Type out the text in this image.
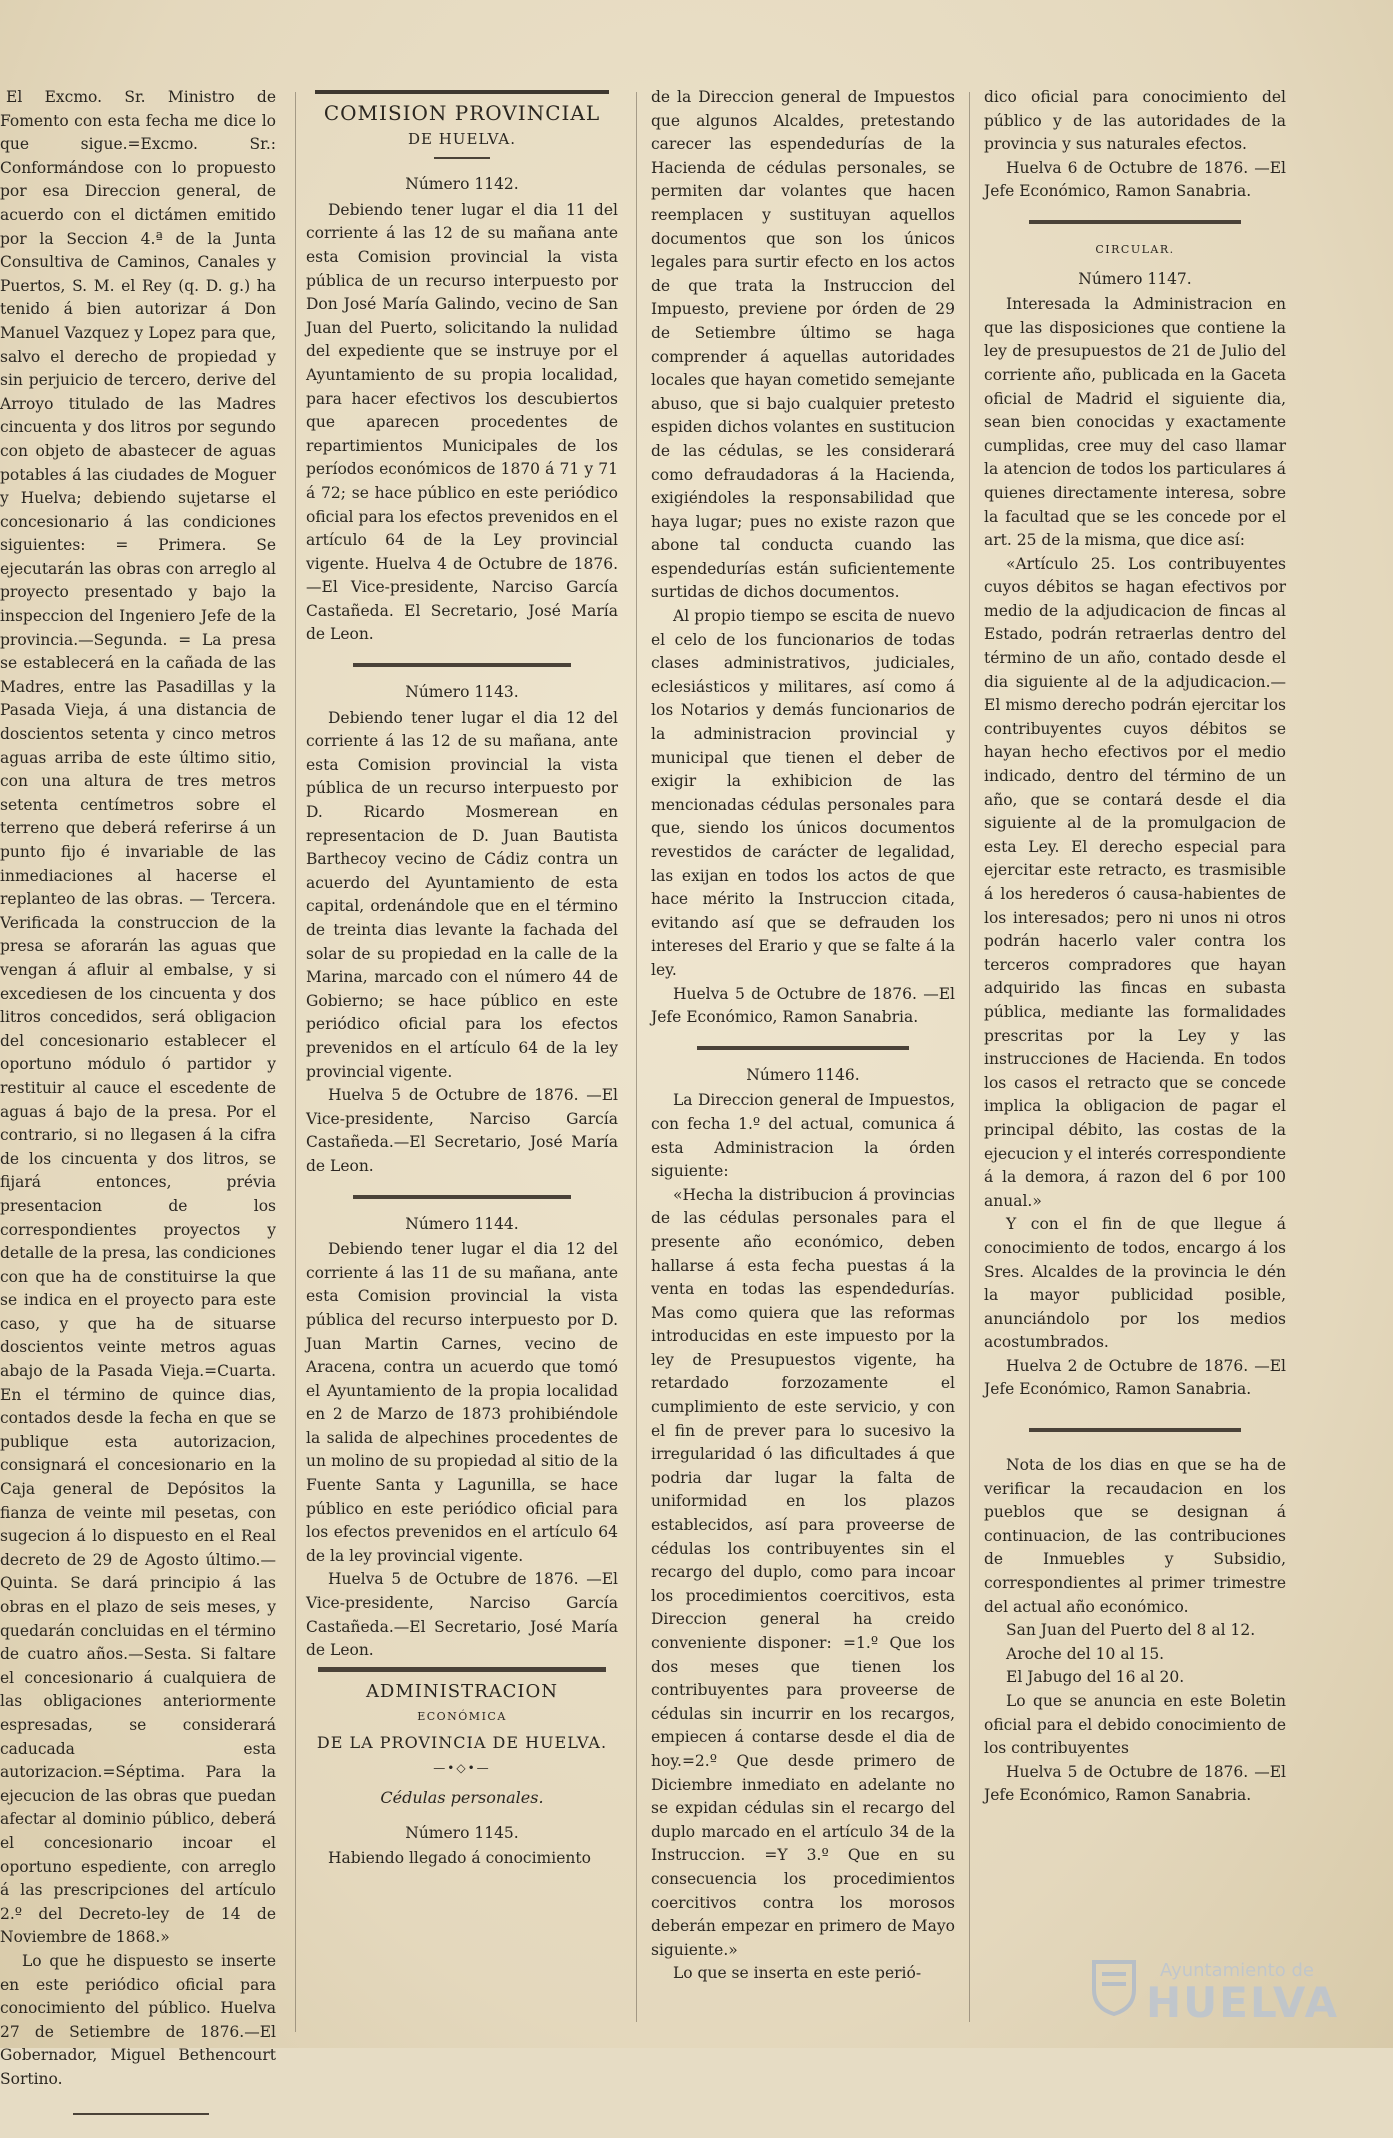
El Excmo. Sr. Ministro de Fomento con esta fecha me dice lo que sigue.=Excmo. Sr.: Conformándose con lo propuesto por esa Direccion general, de acuerdo con el dictámen emitido por la Seccion 4.ª de la Junta Consultiva de Caminos, Canales y Puertos, S. M. el Rey (q. D. g.) ha tenido á bien autorizar á Don Manuel Vazquez y Lopez para que, salvo el derecho de propiedad y sin perjuicio de tercero, derive del Arroyo titulado de las Madres cincuenta y dos litros por segundo con objeto de abastecer de aguas potables á las ciudades de Moguer y Huelva; debiendo sujetarse el concesionario á las condiciones siguientes: = Primera. Se ejecutarán las obras con arreglo al proyecto presentado y bajo la inspeccion del Ingeniero Jefe de la provincia.—Segunda. = La presa se establecerá en la cañada de las Madres, entre las Pasadillas y la Pasada Vieja, á una distancia de doscientos setenta y cinco metros aguas arriba de este último sitio, con una altura de tres metros setenta centímetros sobre el terreno que deberá referirse á un punto fijo é invariable de las inmediaciones al hacerse el replanteo de las obras. — Tercera. Verificada la construccion de la presa se aforarán las aguas que vengan á afluir al embalse, y si excediesen de los cincuenta y dos litros concedidos, será obligacion del concesionario establecer el oportuno módulo ó partidor y restituir al cauce el escedente de aguas á bajo de la presa. Por el contrario, si no llegasen á la cifra de los cincuenta y dos litros, se fijará entonces, prévia presentacion de los correspondientes proyectos y detalle de la presa, las condiciones con que ha de constituirse la que se indica en el proyecto para este caso, y que ha de situarse doscientos veinte metros aguas abajo de la Pasada Vieja.=Cuarta. En el término de quince dias, contados desde la fecha en que se publique esta autorizacion, consignará el concesionario en la Caja general de Depósitos la fianza de veinte mil pesetas, con sugecion á lo dispuesto en el Real decreto de 29 de Agosto último.—Quinta. Se dará principio á las obras en el plazo de seis meses, y quedarán concluidas en el término de cuatro años.—Sesta. Si faltare el concesionario á cualquiera de las obligaciones anteriormente espresadas, se considerará caducada esta autorizacion.=Séptima. Para la ejecucion de las obras que puedan afectar al dominio público, deberá el concesionario incoar el oportuno espediente, con arreglo á las prescripciones del artículo 2.º del Decreto-ley de 14 de Noviembre de 1868.»

Lo que he dispuesto se inserte en este periódico oficial para conocimiento del público. Huelva 27 de Setiembre de 1876.—El Gobernador, Miguel Bethencourt Sortino.

COMISION PROVINCIAL
DE HUELVA.
Número 1142.

Debiendo tener lugar el dia 11 del corriente á las 12 de su mañana ante esta Comision provincial la vista pública de un recurso interpuesto por Don José María Galindo, vecino de San Juan del Puerto, solicitando la nulidad del expediente que se instruye por el Ayuntamiento de su propia localidad, para hacer efectivos los descubiertos que aparecen procedentes de repartimientos Municipales de los períodos económicos de 1870 á 71 y 71 á 72; se hace público en este periódico oficial para los efectos prevenidos en el artículo 64 de la Ley provincial vigente. Huelva 4 de Octubre de 1876.—El Vice-presidente, Narciso García Castañeda. El Secretario, José María de Leon.

Número 1143.

Debiendo tener lugar el dia 12 del corriente á las 12 de su mañana, ante esta Comision provincial la vista pública de un recurso interpuesto por D. Ricardo Mosmerean en representacion de D. Juan Bautista Barthecoy vecino de Cádiz contra un acuerdo del Ayuntamiento de esta capital, ordenándole que en el término de treinta dias levante la fachada del solar de su propiedad en la calle de la Marina, marcado con el número 44 de Gobierno; se hace público en este periódico oficial para los efectos prevenidos en el artículo 64 de la ley provincial vigente.

Huelva 5 de Octubre de 1876. —El Vice-presidente, Narciso García Castañeda.—El Secretario, José María de Leon.

Número 1144.

Debiendo tener lugar el dia 12 del corriente á las 11 de su mañana, ante esta Comision provincial la vista pública del recurso interpuesto por D. Juan Martin Carnes, vecino de Aracena, contra un acuerdo que tomó el Ayuntamiento de la propia localidad en 2 de Marzo de 1873 prohibiéndole la salida de alpechines procedentes de un molino de su propiedad al sitio de la Fuente Santa y Lagunilla, se hace público en este periódico oficial para los efectos prevenidos en el artículo 64 de la ley provincial vigente.

Huelva 5 de Octubre de 1876. —El Vice-presidente, Narciso García Castañeda.—El Secretario, José María de Leon.

ADMINISTRACION
ECONÓMICA
DE LA PROVINCIA DE HUELVA.
—•◇•—
Cédulas personales.
Número 1145.

Habiendo llegado á conocimiento

de la Direccion general de Impuestos que algunos Alcaldes, pretestando carecer las espendedurías de la Hacienda de cédulas personales, se permiten dar volantes que hacen reemplacen y sustituyan aquellos documentos que son los únicos legales para surtir efecto en los actos de que trata la Instruccion del Impuesto, previene por órden de 29 de Setiembre último se haga comprender á aquellas autoridades locales que hayan cometido semejante abuso, que si bajo cualquier pretesto espiden dichos volantes en sustitucion de las cédulas, se les considerará como defraudadoras á la Hacienda, exigiéndoles la responsabilidad que haya lugar; pues no existe razon que abone tal conducta cuando las espendedurías están suficientemente surtidas de dichos documentos.

Al propio tiempo se escita de nuevo el celo de los funcionarios de todas clases administrativos, judiciales, eclesiásticos y militares, así como á los Notarios y demás funcionarios de la administracion provincial y municipal que tienen el deber de exigir la exhibicion de las mencionadas cédulas personales para que, siendo los únicos documentos revestidos de carácter de legalidad, las exijan en todos los actos de que hace mérito la Instruccion citada, evitando así que se defrauden los intereses del Erario y que se falte á la ley.

Huelva 5 de Octubre de 1876. —El Jefe Económico, Ramon Sanabria.

Número 1146.

La Direccion general de Impuestos, con fecha 1.º del actual, comunica á esta Administracion la órden siguiente:

«Hecha la distribucion á provincias de las cédulas personales para el presente año económico, deben hallarse á esta fecha puestas á la venta en todas las espendedurías. Mas como quiera que las reformas introducidas en este impuesto por la ley de Presupuestos vigente, ha retardado forzozamente el cumplimiento de este servicio, y con el fin de prever para lo sucesivo la irregularidad ó las dificultades á que podria dar lugar la falta de uniformidad en los plazos establecidos, así para proveerse de cédulas los contribuyentes sin el recargo del duplo, como para incoar los procedimientos coercitivos, esta Direccion general ha creido conveniente disponer: =1.º Que los dos meses que tienen los contribuyentes para proveerse de cédulas sin incurrir en los recargos, empiecen á contarse desde el dia de hoy.=2.º Que desde primero de Diciembre inmediato en adelante no se expidan cédulas sin el recargo del duplo marcado en el artículo 34 de la Instruccion. =Y 3.º Que en su consecuencia los procedimientos coercitivos contra los morosos deberán empezar en primero de Mayo siguiente.»

Lo que se inserta en este perió-

dico oficial para conocimiento del público y de las autoridades de la provincia y sus naturales efectos.

Huelva 6 de Octubre de 1876. —El Jefe Económico, Ramon Sanabria.

CIRCULAR.
Número 1147.

Interesada la Administracion en que las disposiciones que contiene la ley de presupuestos de 21 de Julio del corriente año, publicada en la Gaceta oficial de Madrid el siguiente dia, sean bien conocidas y exactamente cumplidas, cree muy del caso llamar la atencion de todos los particulares á quienes directamente interesa, sobre la facultad que se les concede por el art. 25 de la misma, que dice así:

«Artículo 25. Los contribuyentes cuyos débitos se hagan efectivos por medio de la adjudicacion de fincas al Estado, podrán retraerlas dentro del término de un año, contado desde el dia siguiente al de la adjudicacion.—El mismo derecho podrán ejercitar los contribuyentes cuyos débitos se hayan hecho efectivos por el medio indicado, dentro del término de un año, que se contará desde el dia siguiente al de la promulgacion de esta Ley. El derecho especial para ejercitar este retracto, es trasmisible á los herederos ó causa-habientes de los interesados; pero ni unos ni otros podrán hacerlo valer contra los terceros compradores que hayan adquirido las fincas en subasta pública, mediante las formalidades prescritas por la Ley y las instrucciones de Hacienda. En todos los casos el retracto que se concede implica la obligacion de pagar el principal débito, las costas de la ejecucion y el interés correspondiente á la demora, á razon del 6 por 100 anual.»

Y con el fin de que llegue á conocimiento de todos, encargo á los Sres. Alcaldes de la provincia le dén la mayor publicidad posible, anunciándolo por los medios acostumbrados.

Huelva 2 de Octubre de 1876. —El Jefe Económico, Ramon Sanabria.

Nota de los dias en que se ha de verificar la recaudacion en los pueblos que se designan á continuacion, de las contribuciones de Inmuebles y Subsidio, correspondientes al primer trimestre del actual año económico.

San Juan del Puerto del 8 al 12.

Aroche del 10 al 15.

El Jabugo del 16 al 20.

Lo que se anuncia en este Boletin oficial para el debido conocimiento de los contribuyentes

Huelva 5 de Octubre de 1876. —El Jefe Económico, Ramon Sanabria.

Ayuntamiento de
HUELVA
